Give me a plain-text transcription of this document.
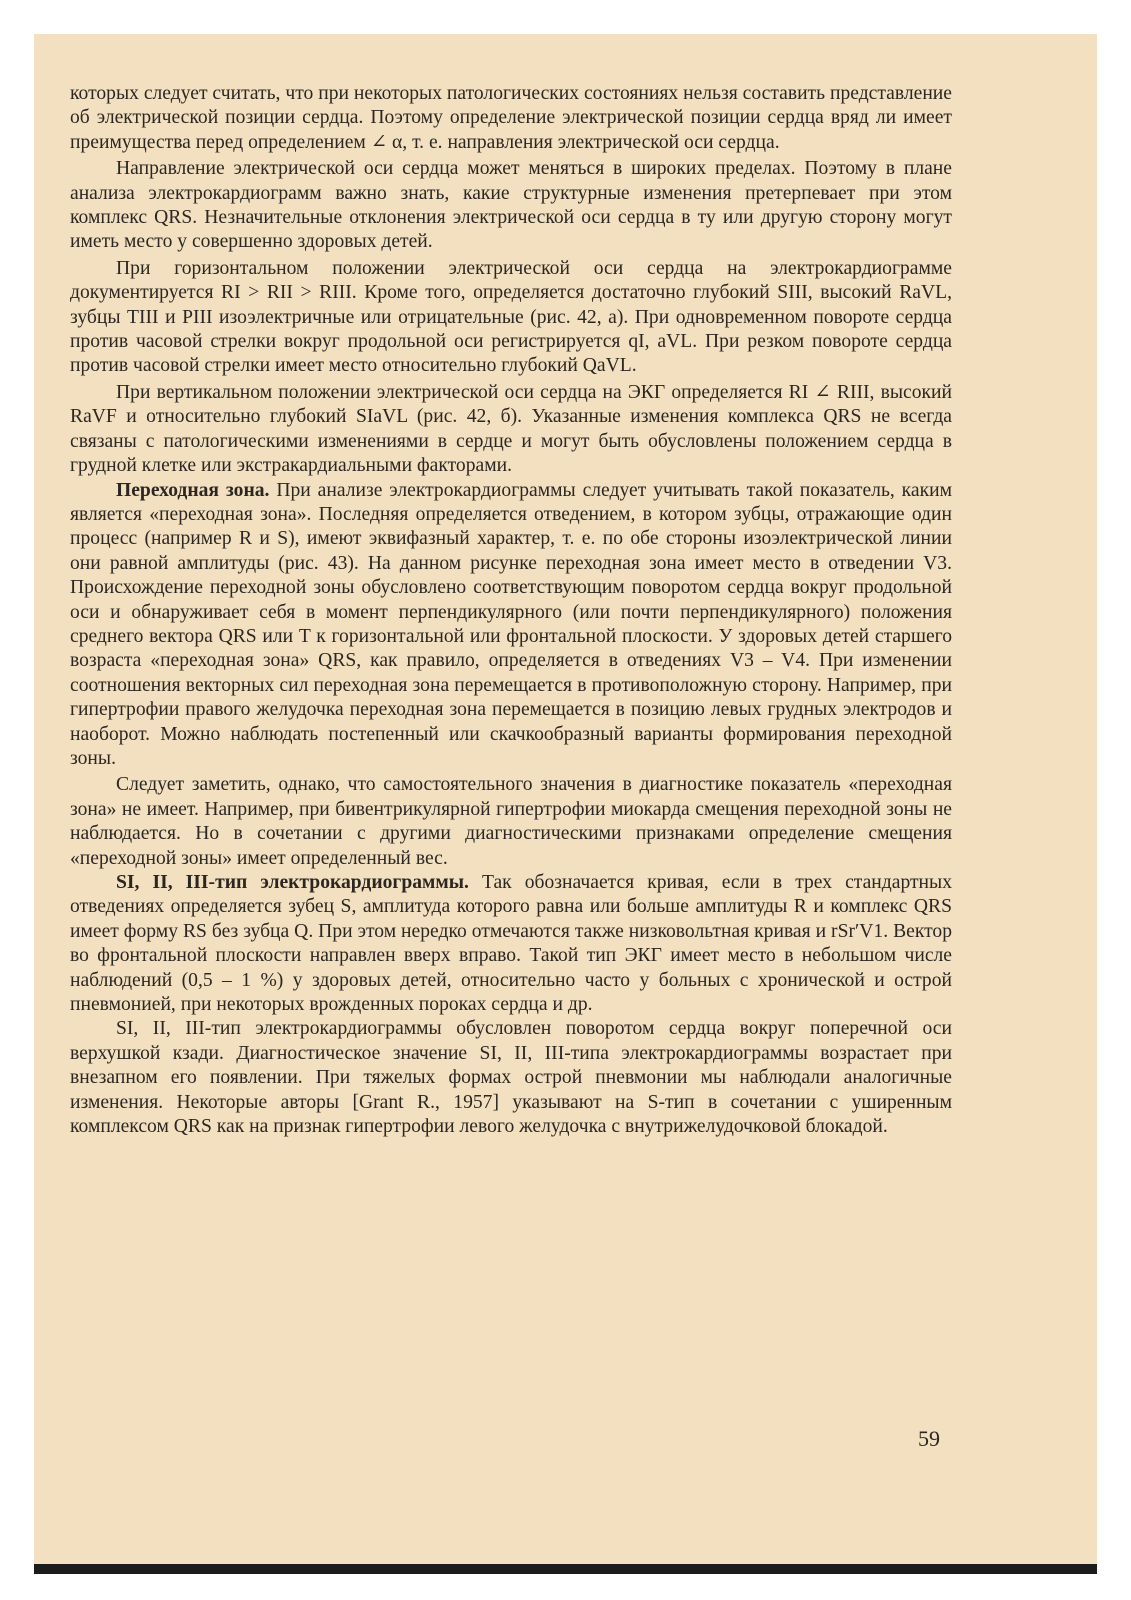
которых следует считать, что при некоторых патологических состояниях нельзя составить представление об электрической позиции сердца. Поэтому определение электрической позиции сердца вряд ли имеет преимущества перед определением ∠ α, т. е. направления электрической оси сердца.

Направление электрической оси сердца может меняться в широких пределах. Поэтому в плане анализа электрокардиограмм важно знать, какие структурные изменения претерпевает при этом комплекс QRS. Незначительные отклонения электрической оси сердца в ту или другую сторону могут иметь место у совершенно здоровых детей.

При горизонтальном положении электрической оси сердца на электрокардиограмме документируется RI > RII > RIII. Кроме того, определяется достаточно глубокий SIII, высокий RaVL, зубцы TIII и PIII изоэлектричные или отрицательные (рис. 42, а). При одновременном повороте сердца против часовой стрелки вокруг продольной оси регистрируется qI, aVL. При резком повороте сердца против часовой стрелки имеет место относительно глубокий QaVL.

При вертикальном положении электрической оси сердца на ЭКГ определяется RI ∠ RIII, высокий RaVF и относительно глубокий SIaVL (рис. 42, б). Указанные изменения комплекса QRS не всегда связаны с патологическими изменениями в сердце и могут быть обусловлены положением сердца в грудной клетке или экстракардиальными факторами.

Переходная зона. При анализе электрокардиограммы следует учитывать такой показатель, каким является «переходная зона». Последняя определяется отведением, в котором зубцы, отражающие один процесс (например R и S), имеют эквифазный характер, т. е. по обе стороны изоэлектрической линии они равной амплитуды (рис. 43). На данном рисунке переходная зона имеет место в отведении V3. Происхождение переходной зоны обусловлено соответствующим поворотом сердца вокруг продольной оси и обнаруживает себя в момент перпендикулярного (или почти перпендикулярного) положения среднего вектора QRS или T к горизонтальной или фронтальной плоскости. У здоровых детей старшего возраста «переходная зона» QRS, как правило, определяется в отведениях V3 – V4. При изменении соотношения векторных сил переходная зона перемещается в противоположную сторону. Например, при гипертрофии правого желудочка переходная зона перемещается в позицию левых грудных электродов и наоборот. Можно наблюдать постепенный или скачкообразный варианты формирования переходной зоны.

Следует заметить, однако, что самостоятельного значения в диагностике показатель «переходная зона» не имеет. Например, при бивентрикулярной гипертрофии миокарда смещения переходной зоны не наблюдается. Но в сочетании с другими диагностическими признаками определение смещения «переходной зоны» имеет определенный вес.

SI, II, III-тип электрокардиограммы. Так обозначается кривая, если в трех стандартных отведениях определяется зубец S, амплитуда которого равна или больше амплитуды R и комплекс QRS имеет форму RS без зубца Q. При этом нередко отмечаются также низковольтная кривая и rSr′V1. Вектор во фронтальной плоскости направлен вверх вправо. Такой тип ЭКГ имеет место в небольшом числе наблюдений (0,5 – 1 %) у здоровых детей, относительно часто у больных с хронической и острой пневмонией, при некоторых врожденных пороках сердца и др.

SI, II, III-тип электрокардиограммы обусловлен поворотом сердца вокруг поперечной оси верхушкой кзади. Диагностическое значение SI, II, III-типа электрокардиограммы возрастает при внезапном его появлении. При тяжелых формах острой пневмонии мы наблюдали аналогичные изменения. Некоторые авторы [Grant R., 1957] указывают на S-тип в сочетании с уширенным комплексом QRS как на признак гипертрофии левого желудочка с внутрижелудочковой блокадой.

59
